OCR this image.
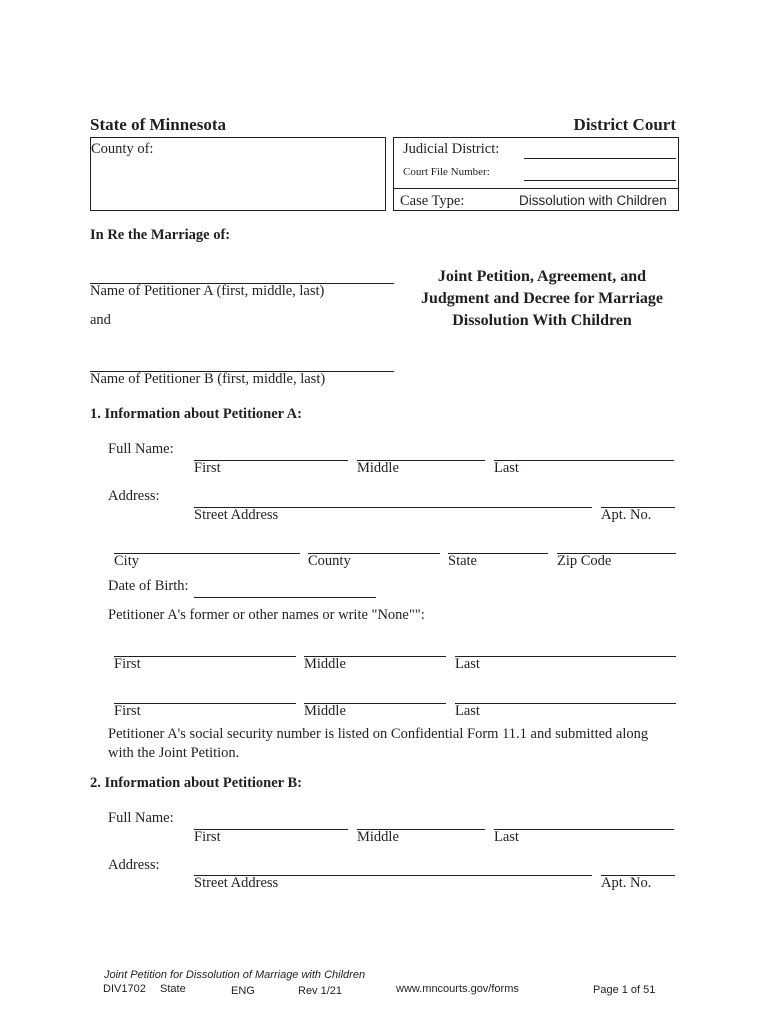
State of Minnesota	District Court
County of:	Judicial District:
Court File Number:
Case Type:	Dissolution with Children
In Re the Marriage of:
Name of Petitioner A (first, middle, last)
and
Name of Petitioner B (first, middle, last)
Joint Petition, Agreement, and
Judgment and Decree for Marriage
Dissolution With Children
1. Information about Petitioner A:
Full Name:
First	Middle	Last
Address:
Street Address	Apt. No.
City	County	State	Zip Code
Date of Birth:
Petitioner A's former or other names or write "None"":
First	Middle	Last
First	Middle	Last
Petitioner A's social security number is listed on Confidential Form 11.1 and submitted along
with the Joint Petition.
2. Information about Petitioner B:
Full Name:
First	Middle	Last
Address:
Street Address	Apt. No.
Joint Petition for Dissolution of Marriage with Children
DIV1702 State	ENG	Rev 1/21	www.mncourts.gov/forms	Page 1 of 51
